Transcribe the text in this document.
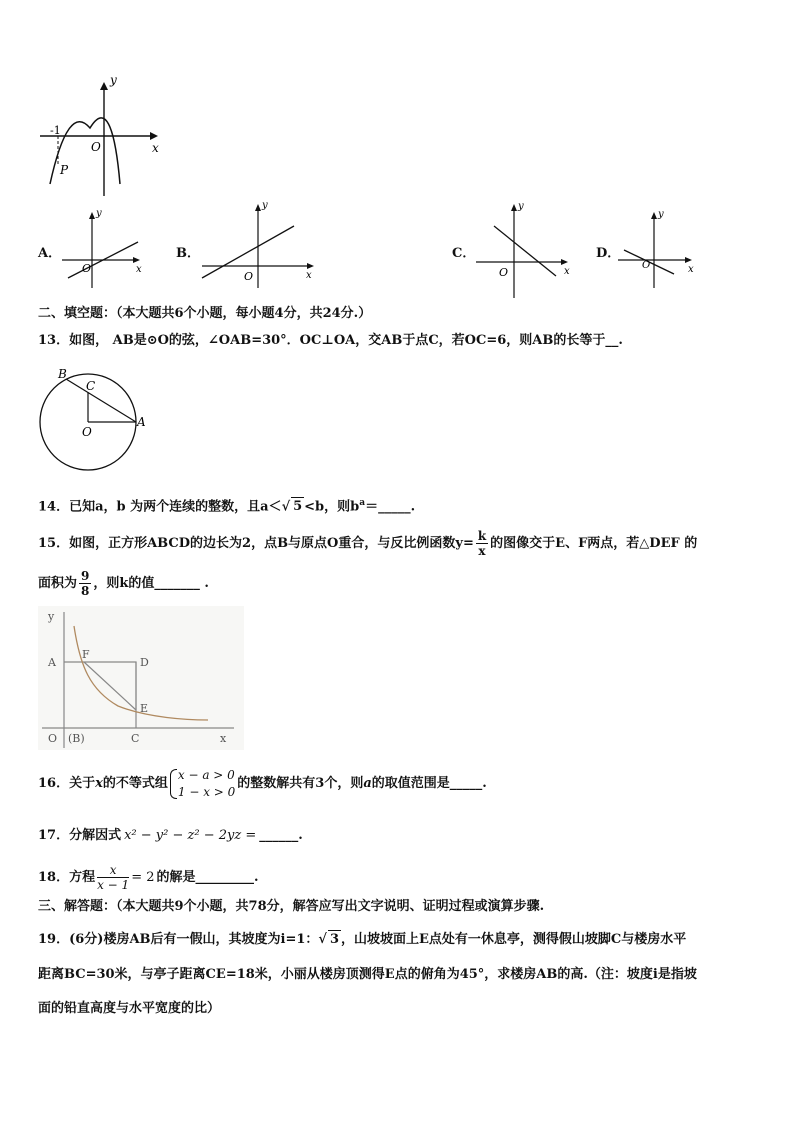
y
x
O
-1
P
A．
y
x
O
B．
y
x
O
C．
y
x
O
D．
y
x
O
二、填空题：（本大题共6个小题，每小题4分，共24分.）
13．如图， AB是⊙O的弦，∠OAB=30°．OC⊥OA，交AB于点C，若OC=6，则AB的长等于__.
B
C
O
A
14．已知a，b 为两个连续的整数，且a＜√ 5 <b，则$b^a=\_\_\_\_\_$.
15．如图，正方形ABCD的边长为2，点B与原点O重合，与反比例函数$y= \frac{k}{x}$ 的图像交于E、F两点，若△DEF 的
面积为 $\frac{9}{8}$ ，则k的值_______ .
y
A
F
D
E
O (B)	C	x
16．关于x的不等式组
x − a > 0
1 − x > 0
的整数解共有3个，则a的取值范围是_____.
17．分解因式 x² − y² − z² − 2yz = ______.
18．方程 $\frac{x}{x - 1} = 2$ 的解是_________.
三、解答题：（本大题共9个小题，共78分，解答应写出文字说明、证明过程或演算步骤.
19．(6分)楼房AB后有一假山，其坡度为i=1：√ 3 ，山坡坡面上E点处有一休息亭，测得假山坡脚C与楼房水平
距离BC=30米，与亭子距离CE=18米，小丽从楼房顶测得E点的俯角为45°，求楼房AB的高.（注：坡度i是指坡
面的铅直高度与水平宽度的比）
